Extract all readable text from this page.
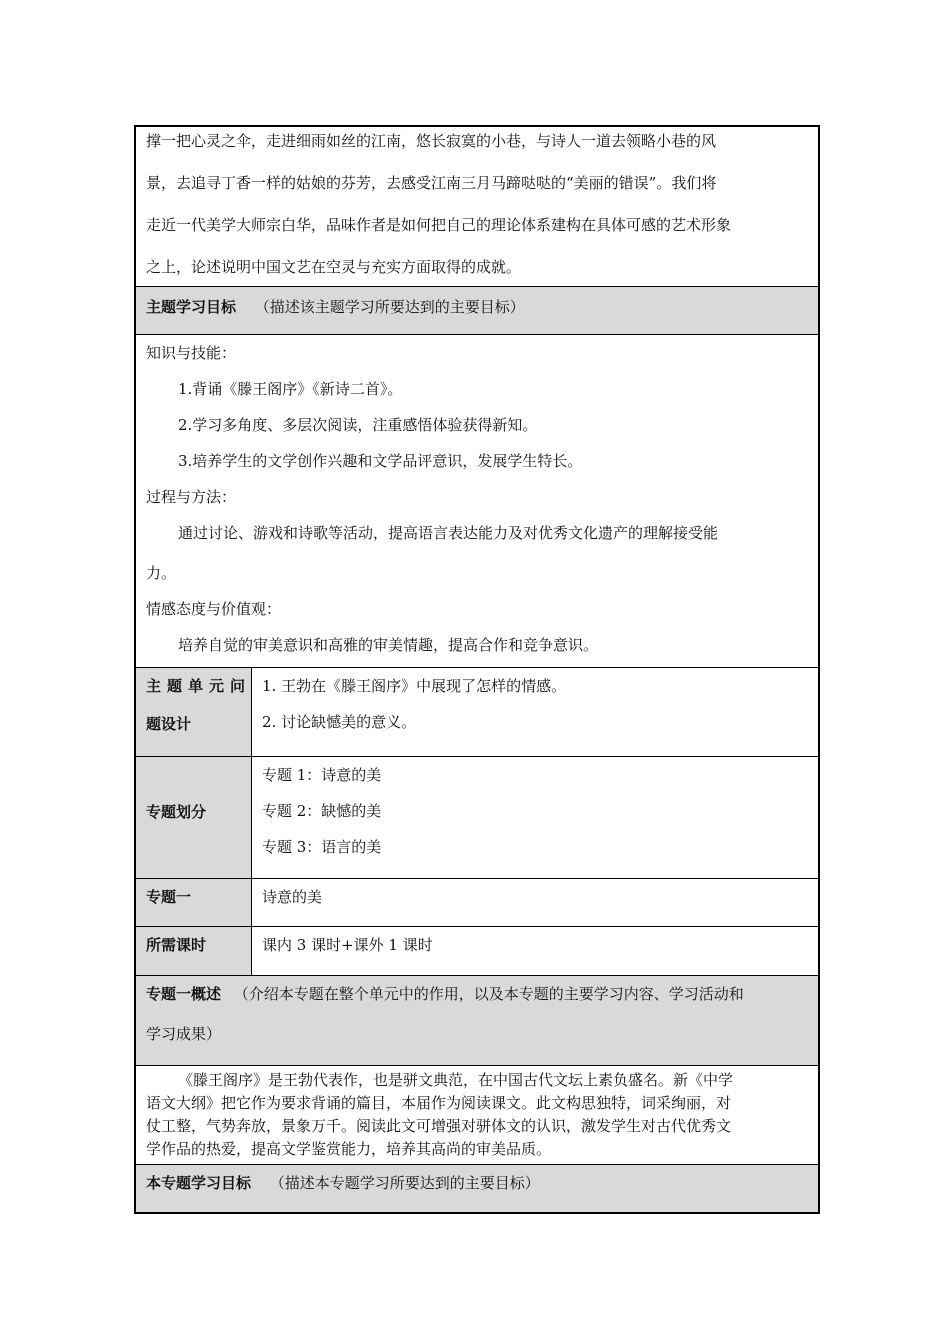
撑一把心灵之伞，走进细雨如丝的江南，悠长寂寞的小巷，与诗人一道去领略小巷的风
景，去追寻丁香一样的姑娘的芬芳，去感受江南三月马蹄哒哒的“美丽的错误”。我们将
走近一代美学大师宗白华，品味作者是如何把自己的理论体系建构在具体可感的艺术形象
之上，论述说明中国文艺在空灵与充实方面取得的成就。
主题学习目标 （描述该主题学习所要达到的主要目标）
知识与技能：
1.背诵《滕王阁序》《新诗二首》。
2.学习多角度、多层次阅读，注重感悟体验获得新知。
3.培养学生的文学创作兴趣和文学品评意识，发展学生特长。
过程与方法：
通过讨论、游戏和诗歌等活动，提高语言表达能力及对优秀文化遗产的理解接受能
力。
情感态度与价值观：
培养自觉的审美意识和高雅的审美情趣，提高合作和竞争意识。
主题单元问
题设计
1. 王勃在《滕王阁序》中展现了怎样的情感。
2. 讨论缺憾美的意义。
专题划分
专题 1：诗意的美
专题 2：缺憾的美
专题 3：语言的美
专题一	诗意的美
所需课时	课内 3 课时+课外 1 课时
专题一概述 （介绍本专题在整个单元中的作用，以及本专题的主要学习内容、学习活动和
学习成果）
《滕王阁序》是王勃代表作，也是骈文典范，在中国古代文坛上素负盛名。新《中学
语文大纲》把它作为要求背诵的篇目，本届作为阅读课文。此文构思独特，词采绚丽，对
仗工整，气势奔放，景象万千。阅读此文可增强对骈体文的认识，激发学生对古代优秀文
学作品的热爱，提高文学鉴赏能力，培养其高尚的审美品质。
本专题学习目标 （描述本专题学习所要达到的主要目标）
